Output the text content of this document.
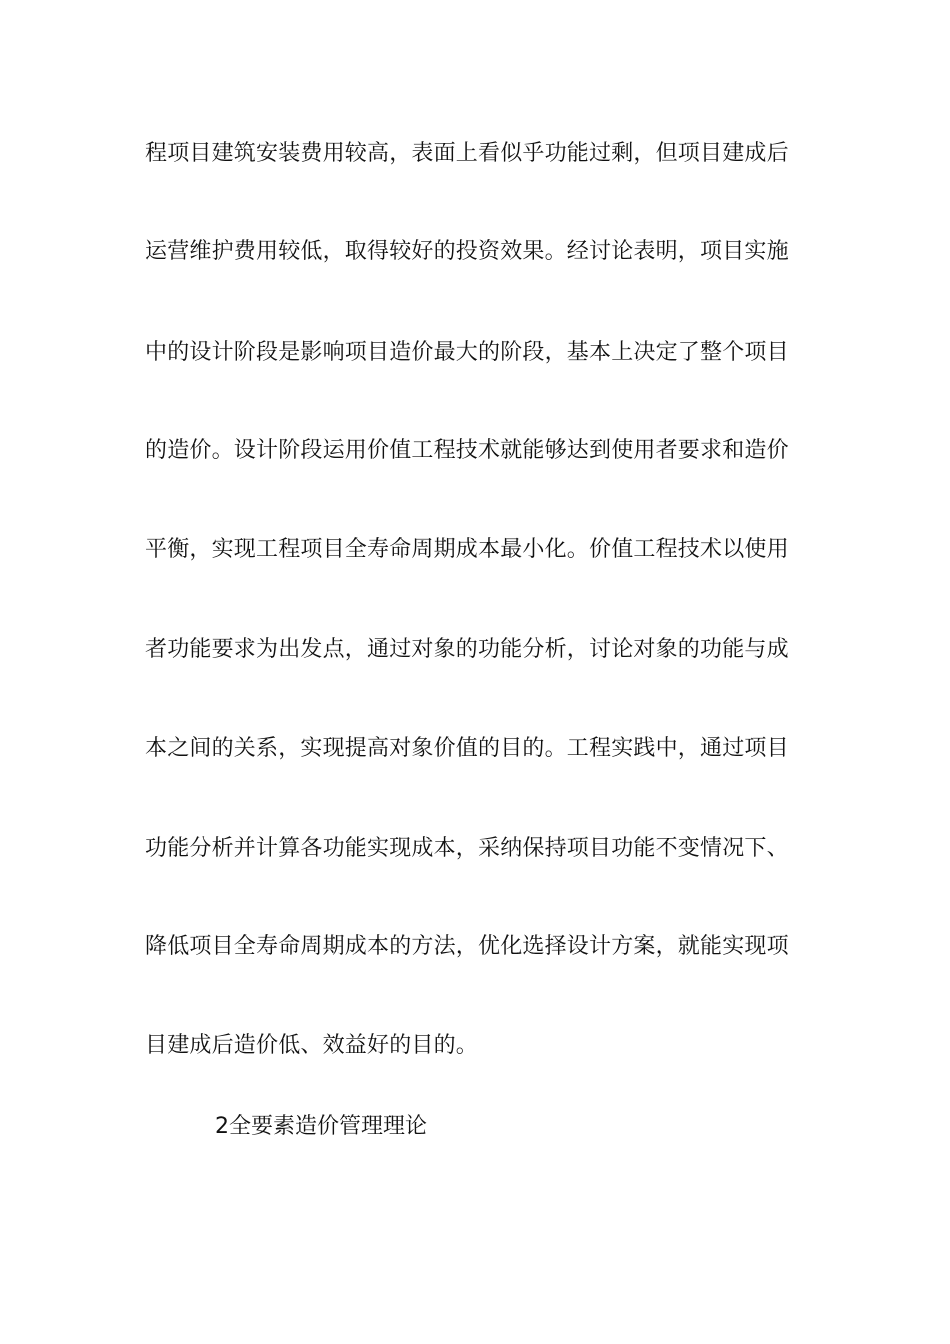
程项目建筑安装费用较高，表面上看似乎功能过剩，但项目建成后
运营维护费用较低，取得较好的投资效果。经讨论表明，项目实施
中的设计阶段是影响项目造价最大的阶段，基本上决定了整个项目
的造价。设计阶段运用价值工程技术就能够达到使用者要求和造价
平衡，实现工程项目全寿命周期成本最小化。价值工程技术以使用
者功能要求为出发点，通过对象的功能分析，讨论对象的功能与成
本之间的关系，实现提高对象价值的目的。工程实践中，通过项目
功能分析并计算各功能实现成本，采纳保持项目功能不变情况下、
降低项目全寿命周期成本的方法，优化选择设计方案，就能实现项
目建成后造价低、效益好的目的。
2全要素造价管理理论
